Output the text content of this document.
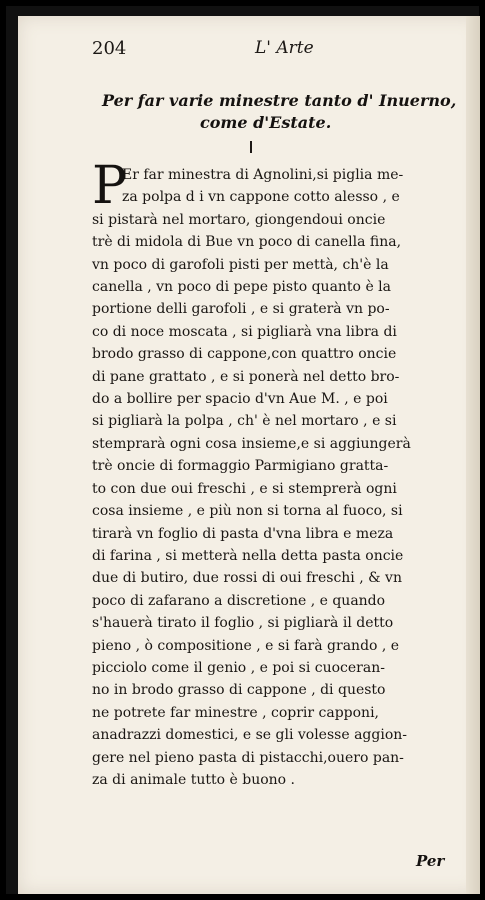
204	L' Arte
Per far varie minestre tanto d' Inuerno,
come d'Estate.
P
Er far minestra di Agnolini,si piglia me-
za polpa d i vn cappone cotto alesso , e
si pistarà nel mortaro, giongendoui oncie
trè di midola di Bue vn poco di canella fina,
vn poco di garofoli pisti per mettà, ch'è la
canella , vn poco di pepe pisto quanto è la
portione delli garofoli , e si graterà vn po-
co di noce moscata , si pigliarà vna libra di
brodo grasso di cappone,con quattro oncie
di pane grattato , e si ponerà nel detto bro-
do a bollire per spacio d'vn Aue M. , e poi
si pigliarà la polpa , ch' è nel mortaro , e si
stemprarà ogni cosa insieme,e si aggiungerà
trè oncie di formaggio Parmigiano gratta-
to con due oui freschi , e si stemprerà ogni
cosa insieme , e più non si torna al fuoco, si
tirarà vn foglio di pasta d'vna libra e meza
di farina , si metterà nella detta pasta oncie
due di butiro, due rossi di oui freschi , & vn
poco di zafarano a discretione , e quando
s'hauerà tirato il foglio , si pigliarà il detto
pieno , ò compositione , e si farà grando , e
picciolo come il genio , e poi si cuoceran-
no in brodo grasso di cappone , di questo
ne potrete far minestre , coprir capponi,
anadrazzi domestici, e se gli volesse aggion-
gere nel pieno pasta di pistacchi,ouero pan-
za di animale tutto è buono .
Per
